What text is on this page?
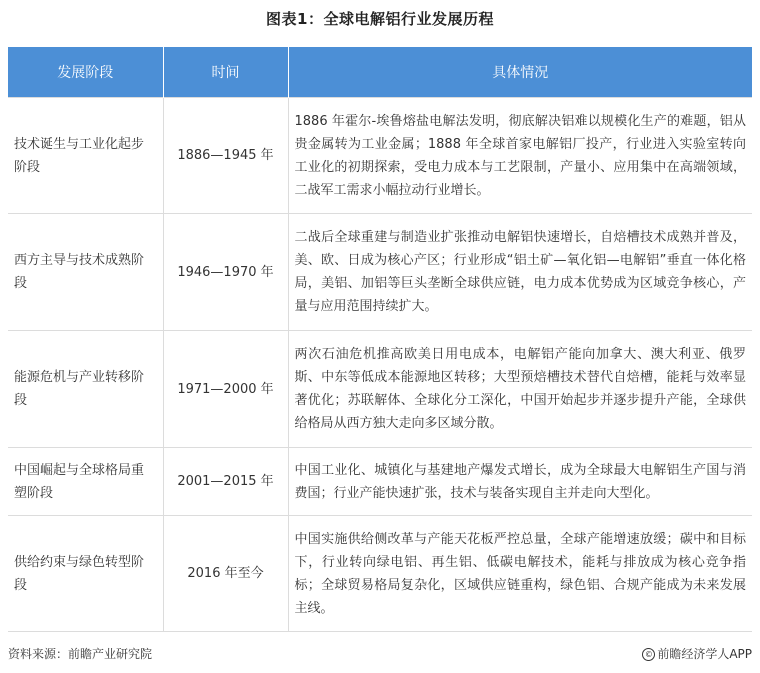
图表1：全球电解铝行业发展历程
发展阶段	时间	具体情况
技术诞生与工业化起步阶段	1886—1945 年	1886 年霍尔-埃鲁熔盐电解法发明，彻底解决铝难以规模化生产的难题，铝从贵金属转为工业金属；1888 年全球首家电解铝厂投产，行业进入实验室转向工业化的初期探索，受电力成本与工艺限制，产量小、应用集中在高端领域，二战军工需求小幅拉动行业增长。
西方主导与技术成熟阶段	1946—1970 年	二战后全球重建与制造业扩张推动电解铝快速增长，自焙槽技术成熟并普及，美、欧、日成为核心产区；行业形成“铝土矿—氧化铝—电解铝”垂直一体化格局，美铝、加铝等巨头垄断全球供应链，电力成本优势成为区域竞争核心，产量与应用范围持续扩大。
能源危机与产业转移阶段	1971—2000 年	两次石油危机推高欧美日用电成本，电解铝产能向加拿大、澳大利亚、俄罗斯、中东等低成本能源地区转移；大型预焙槽技术替代自焙槽，能耗与效率显著优化；苏联解体、全球化分工深化，中国开始起步并逐步提升产能，全球供给格局从西方独大走向多区域分散。
中国崛起与全球格局重塑阶段	2001—2015 年	中国工业化、城镇化与基建地产爆发式增长，成为全球最大电解铝生产国与消费国；行业产能快速扩张，技术与装备实现自主并走向大型化。
供给约束与绿色转型阶段	2016 年至今	中国实施供给侧改革与产能天花板严控总量，全球产能增速放缓；碳中和目标下，行业转向绿电铝、再生铝、低碳电解技术，能耗与排放成为核心竞争指标；全球贸易格局复杂化，区域供应链重构，绿色铝、合规产能成为未来发展主线。
资料来源：前瞻产业研究院	© 前瞻经济学人APP
